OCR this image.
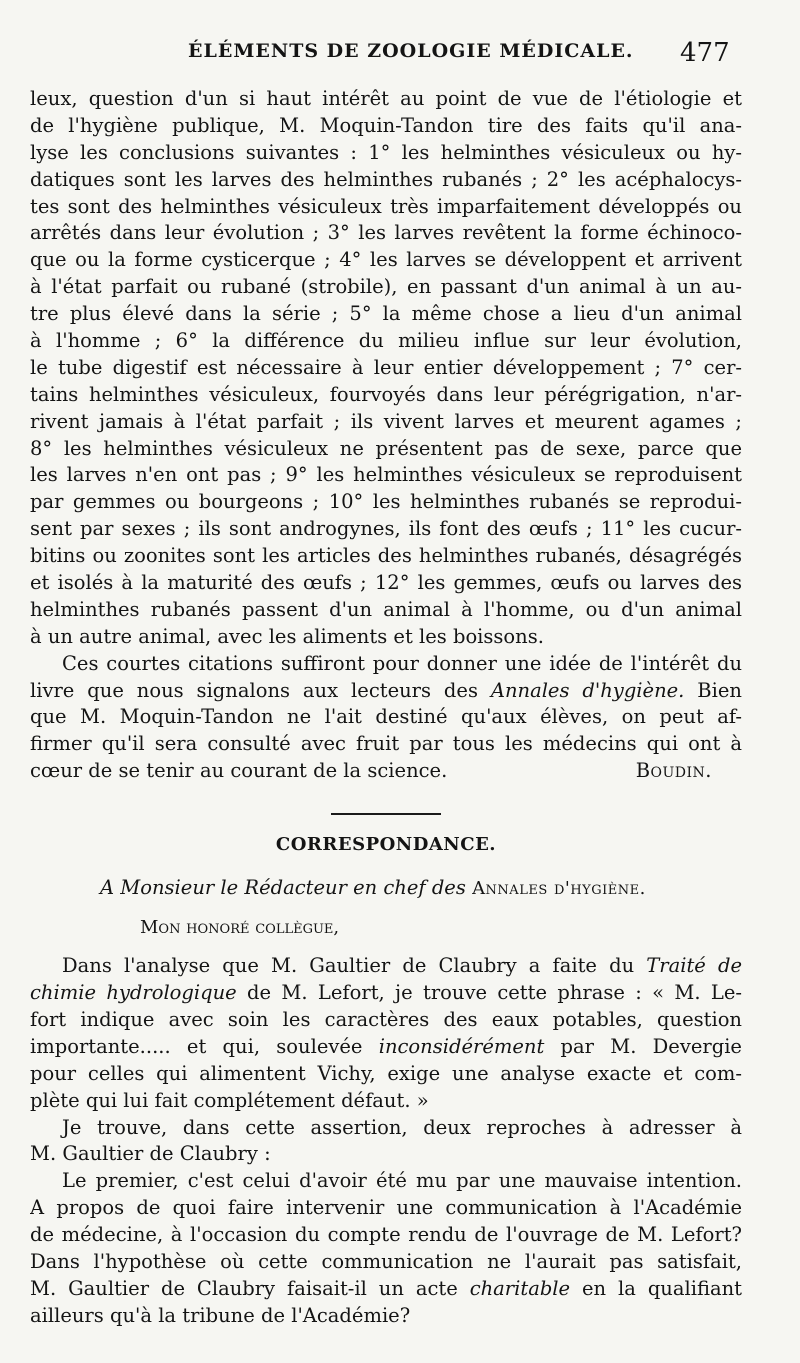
ÉLÉMENTS DE ZOOLOGIE MÉDICALE. 477
leux, question d'un si haut intérêt au point de vue de l'étiologie et
de l'hygiène publique, M. Moquin-Tandon tire des faits qu'il ana-
lyse les conclusions suivantes : 1° les helminthes vésiculeux ou hy-
datiques sont les larves des helminthes rubanés ; 2° les acéphalocys-
tes sont des helminthes vésiculeux très imparfaitement développés ou
arrêtés dans leur évolution ; 3° les larves revêtent la forme échinoco-
que ou la forme cysticerque ; 4° les larves se développent et arrivent
à l'état parfait ou rubané (strobile), en passant d'un animal à un au-
tre plus élevé dans la série ; 5° la même chose a lieu d'un animal
à l'homme ; 6° la différence du milieu influe sur leur évolution,
le tube digestif est nécessaire à leur entier développement ; 7° cer-
tains helminthes vésiculeux, fourvoyés dans leur pérégrigation, n'ar-
rivent jamais à l'état parfait ; ils vivent larves et meurent agames ;
8° les helminthes vésiculeux ne présentent pas de sexe, parce que
les larves n'en ont pas ; 9° les helminthes vésiculeux se reproduisent
par gemmes ou bourgeons ; 10° les helminthes rubanés se reprodui-
sent par sexes ; ils sont androgynes, ils font des œufs ; 11° les cucur-
bitins ou zoonites sont les articles des helminthes rubanés, désagrégés
et isolés à la maturité des œufs ; 12° les gemmes, œufs ou larves des
helminthes rubanés passent d'un animal à l'homme, ou d'un animal
à un autre animal, avec les aliments et les boissons.
Ces courtes citations suffiront pour donner une idée de l'intérêt du
livre que nous signalons aux lecteurs des Annales d'hygiène. Bien
que M. Moquin-Tandon ne l'ait destiné qu'aux élèves, on peut af-
firmer qu'il sera consulté avec fruit par tous les médecins qui ont à
cœur de se tenir au courant de la science.	Boudin.
CORRESPONDANCE.
A Monsieur le Rédacteur en chef des Annales d'hygiène.
Mon honoré collègue,
Dans l'analyse que M. Gaultier de Claubry a faite du Traité de
chimie hydrologique de M. Lefort, je trouve cette phrase : « M. Le-
fort indique avec soin les caractères des eaux potables, question
importante..... et qui, soulevée inconsidérément par M. Devergie
pour celles qui alimentent Vichy, exige une analyse exacte et com-
plète qui lui fait complétement défaut. »
Je trouve, dans cette assertion, deux reproches à adresser à
M. Gaultier de Claubry :
Le premier, c'est celui d'avoir été mu par une mauvaise intention.
A propos de quoi faire intervenir une communication à l'Académie
de médecine, à l'occasion du compte rendu de l'ouvrage de M. Lefort?
Dans l'hypothèse où cette communication ne l'aurait pas satisfait,
M. Gaultier de Claubry faisait-il un acte charitable en la qualifiant
ailleurs qu'à la tribune de l'Académie?
